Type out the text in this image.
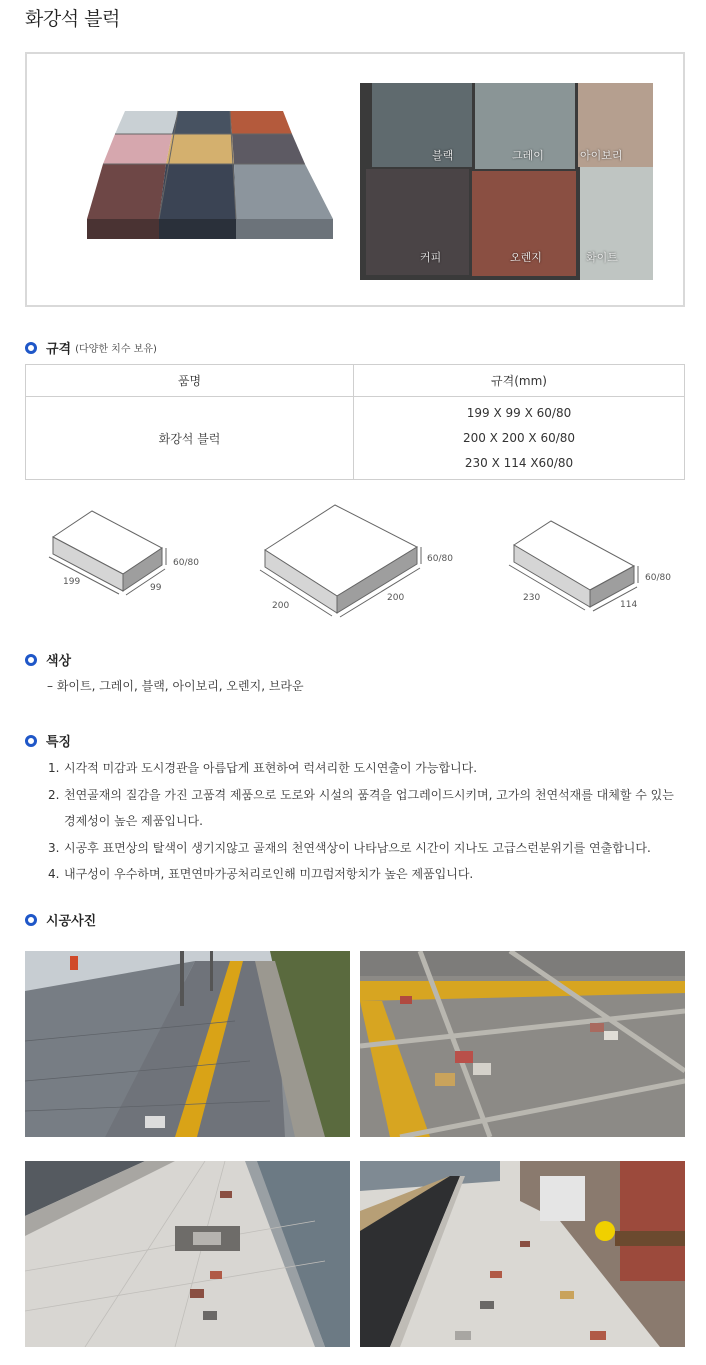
화강석 블럭
블랙	그레이	아이보리
커피	오렌지	화이트
규격 (다양한 치수 보유)
품명	규격(mm)
화강석 블럭	199 X 99 X 60/80
200 X 200 X 60/80
230 X 114 X60/80
199
99
60/80
200
200
60/80
230
114
60/80
색상
– 화이트, 그레이, 블랙, 아이보리, 오렌지, 브라운
특징
1. 시각적 미감과 도시경관을 아름답게 표현하여 럭셔리한 도시연출이 가능합니다.
2. 천연골재의 질감을 가진 고품격 제품으로 도로와 시설의 품격을 업그레이드시키며, 고가의 천연석재를 대체할 수 있는 경제성이 높은 제품입니다.
3. 시공후 표면상의 탈색이 생기지않고 골재의 천연색상이 나타남으로 시간이 지나도 고급스런분위기를 연출합니다.
4. 내구성이 우수하며, 표면연마가공처리로인해 미끄럼저항치가 높은 제품입니다.
시공사진
